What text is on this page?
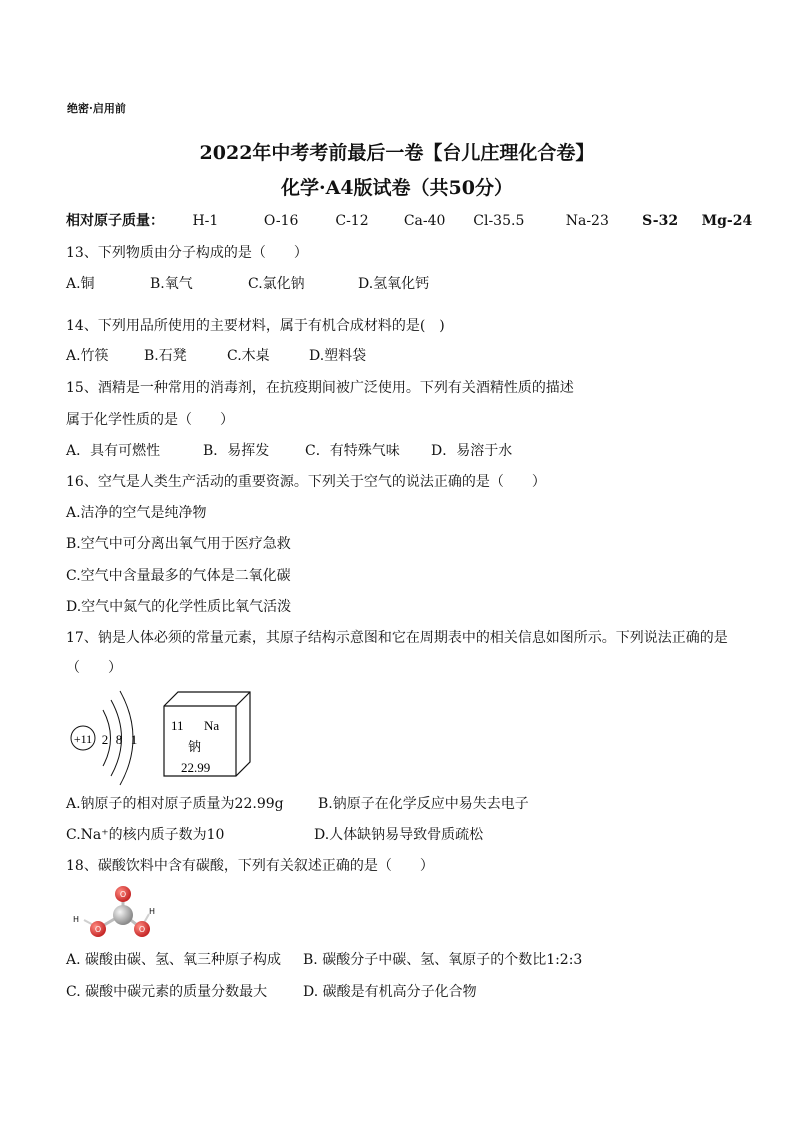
绝密·启用前
2022年中考考前最后一卷【台儿庄理化合卷】
化学·A4版试卷（共50分）
相对原子质量： H-1	O-16	C-12	Ca-40 Cl-35.5	Na-23 S-32 Mg-24
13、下列物质由分子构成的是（　　）
A.铜	B.氧气	C.氯化钠	D.氢氧化钙
14、下列用品所使用的主要材料，属于有机合成材料的是(　)
A.竹筷	B.石凳	C.木桌	D.塑料袋
15、酒精是一种常用的消毒剂，在抗疫期间被广泛使用。下列有关酒精性质的描述
属于化学性质的是（　　）
A．具有可燃性	B．易挥发	C．有特殊气味 D．易溶于水
16、空气是人类生产活动的重要资源。下列关于空气的说法正确的是（　　）
A.洁净的空气是纯净物
B.空气中可分离出氧气用于医疗急救
C.空气中含量最多的气体是二氧化碳
D.空气中氮气的化学性质比氧气活泼
17、钠是人体必须的常量元素，其原子结构示意图和它在周期表中的相关信息如图所示。下列说法正确的是
（　　）
+11 2 8 1
11 Na
钠
22.99
A.钠原子的相对原子质量为22.99g B.钠原子在化学反应中易失去电子
C.Na⁺的核内质子数为10	D.人体缺钠易导致骨质疏松
18、碳酸饮料中含有碳酸，下列有关叙述正确的是（　　）
O
O	O
H
H
A. 碳酸由碳、氢、氧三种原子构成 B. 碳酸分子中碳、氢、氧原子的个数比1:2:3
C. 碳酸中碳元素的质量分数最大	D. 碳酸是有机高分子化合物
